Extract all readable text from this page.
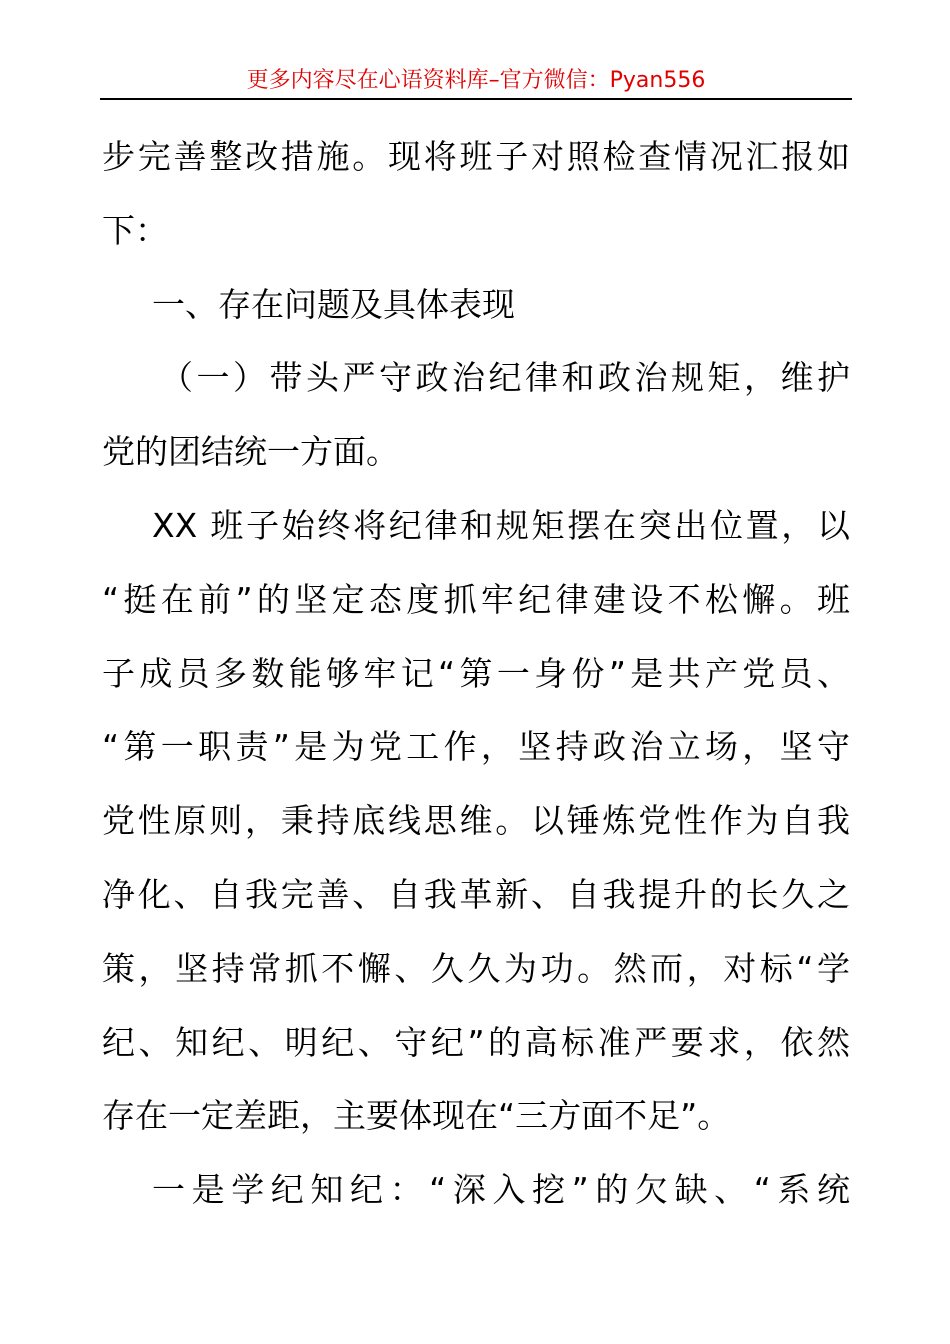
更多内容尽在心语资料库–官方微信：Pyan556
步完善整改措施。现将班子对照检查情况汇报如
下：
一、存在问题及具体表现
（一）带头严守政治纪律和政治规矩，维护
党的团结统一方面。
XX 班子始终将纪律和规矩摆在突出位置，以
“挺在前”的坚定态度抓牢纪律建设不松懈。班
子成员多数能够牢记“第一身份”是共产党员、
“第一职责”是为党工作，坚持政治立场，坚守
党性原则，秉持底线思维。以锤炼党性作为自我
净化、自我完善、自我革新、自我提升的长久之
策，坚持常抓不懈、久久为功。然而，对标“学
纪、知纪、明纪、守纪”的高标准严要求，依然
存在一定差距，主要体现在“三方面不足”。
一是学纪知纪：“深入挖”的欠缺、“系统
